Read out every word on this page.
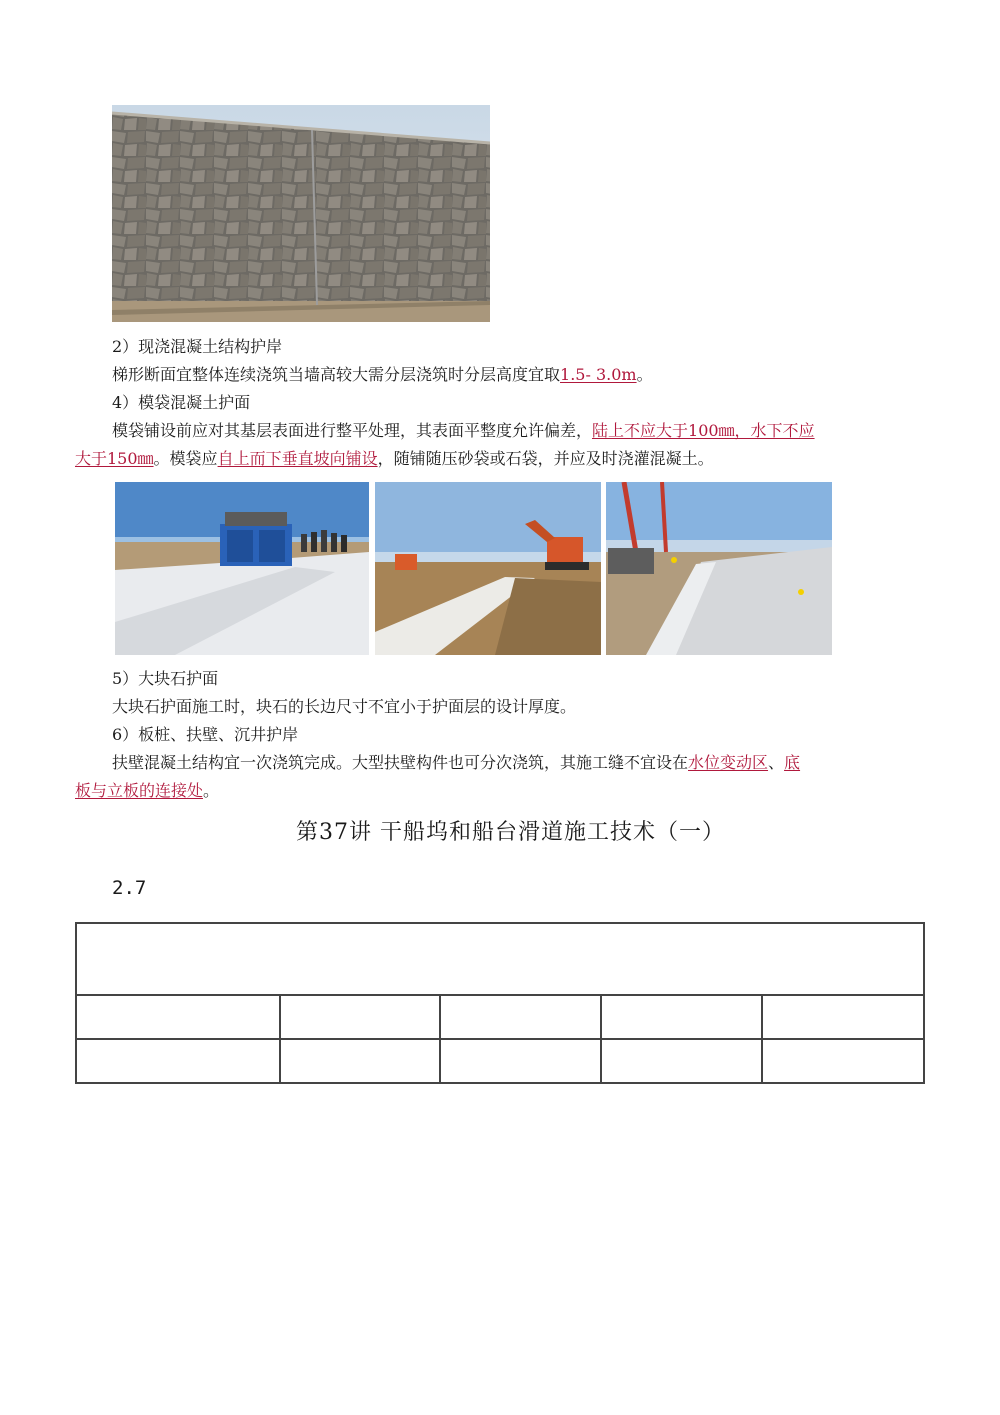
2）现浇混凝土结构护岸
梯形断面宜整体连续浇筑当墙高较大需分层浇筑时分层高度宜取1.5- 3.0m。
4）模袋混凝土护面
模袋铺设前应对其基层表面进行整平处理，其表面平整度允许偏差，陆上不应大于100㎜，水下不应
大于150㎜。模袋应自上而下垂直坡向铺设，随铺随压砂袋或石袋，并应及时浇灌混凝土。
5）大块石护面
大块石护面施工时，块石的长边尺寸不宜小于护面层的设计厚度。
6）板桩、扶壁、沉井护岸
扶壁混凝土结构宜一次浇筑完成。大型扶壁构件也可分次浇筑，其施工缝不宜设在水位变动区、底
板与立板的连接处。
第37讲 干船坞和船台滑道施工技术（一）
2.7
